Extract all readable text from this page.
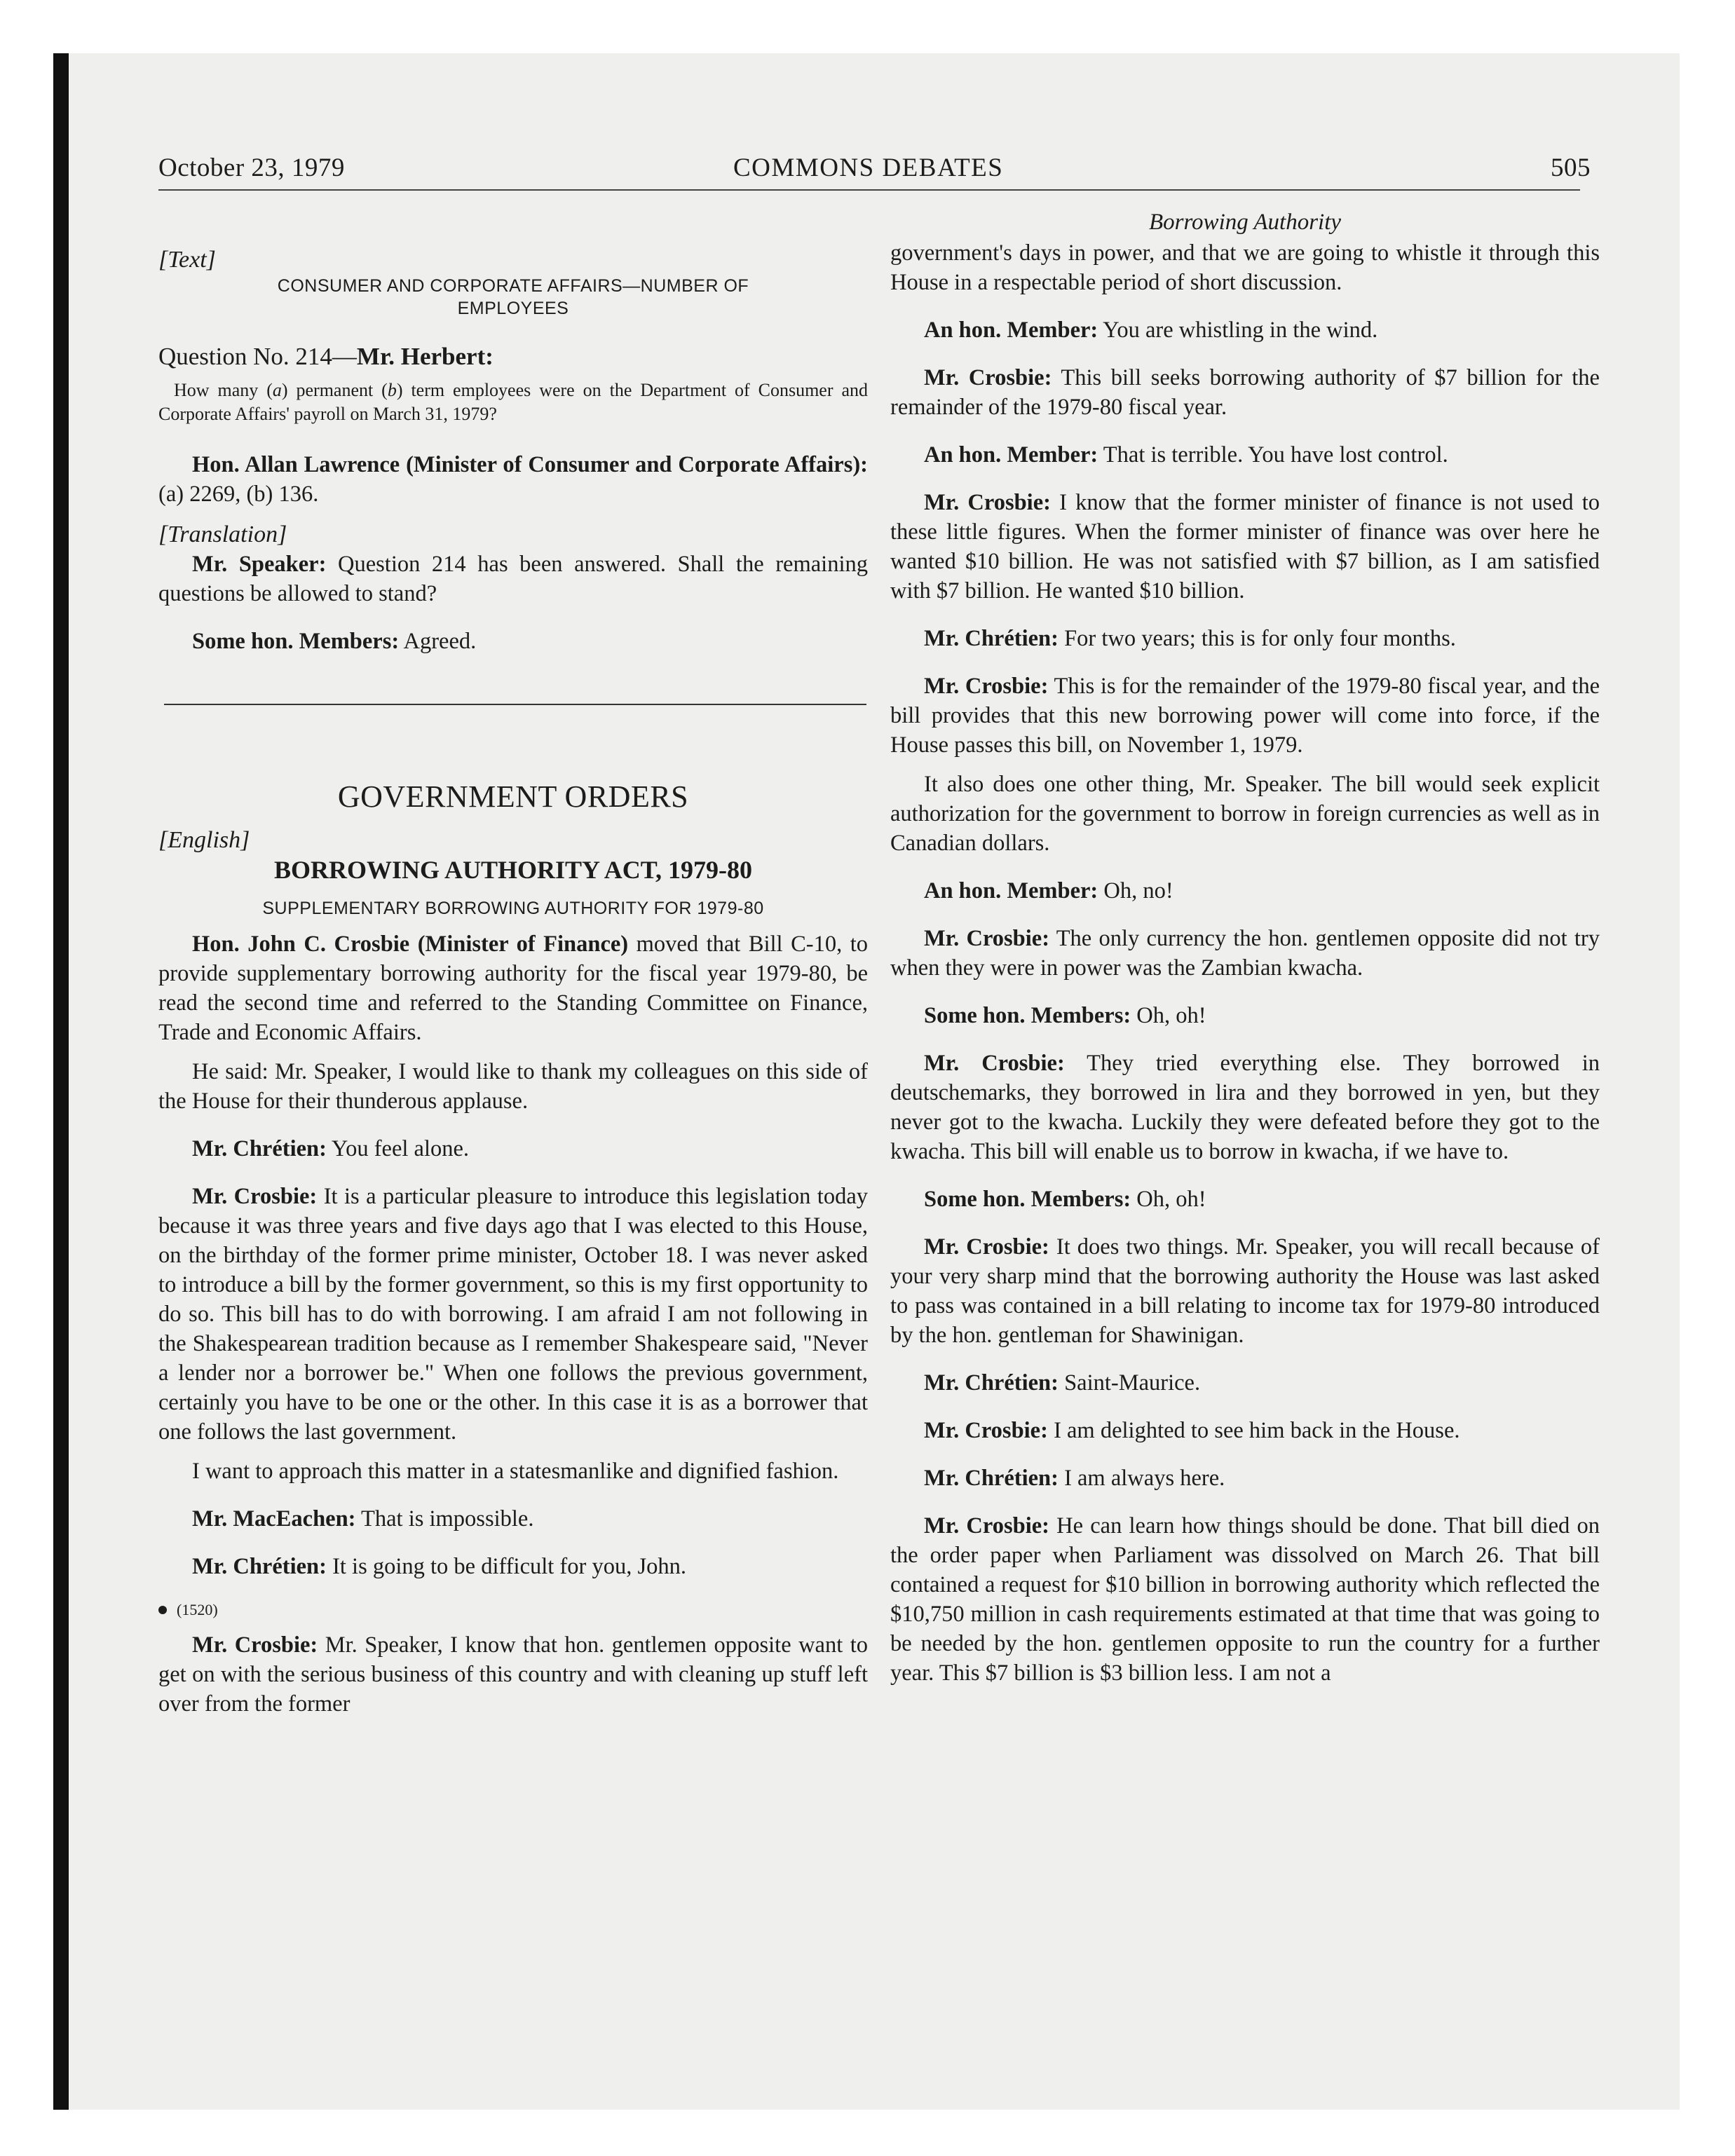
October 23, 1979	COMMONS DEBATES	505

[Text]

CONSUMER AND CORPORATE AFFAIRS—NUMBER OF

EMPLOYEES

Question No. 214—Mr. Herbert:

How many (a) permanent (b) term employees were on the Department of Consumer and Corporate Affairs' payroll on March 31, 1979?

Hon. Allan Lawrence (Minister of Consumer and Corporate Affairs): (a) 2269, (b) 136.

[Translation]

Mr. Speaker: Question 214 has been answered. Shall the remaining questions be allowed to stand?

Some hon. Members: Agreed.

GOVERNMENT ORDERS

[English]

BORROWING AUTHORITY ACT, 1979-80

SUPPLEMENTARY BORROWING AUTHORITY FOR 1979-80

Hon. John C. Crosbie (Minister of Finance) moved that Bill C-10, to provide supplementary borrowing authority for the fiscal year 1979-80, be read the second time and referred to the Standing Committee on Finance, Trade and Economic Affairs.

He said: Mr. Speaker, I would like to thank my colleagues on this side of the House for their thunderous applause.

Mr. Chrétien: You feel alone.

Mr. Crosbie: It is a particular pleasure to introduce this legislation today because it was three years and five days ago that I was elected to this House, on the birthday of the former prime minister, October 18. I was never asked to introduce a bill by the former government, so this is my first opportunity to do so. This bill has to do with borrowing. I am afraid I am not following in the Shakespearean tradition because as I remember Shakespeare said, "Never a lender nor a borrower be." When one follows the previous government, certainly you have to be one or the other. In this case it is as a borrower that one follows the last government.

I want to approach this matter in a statesmanlike and dignified fashion.

Mr. MacEachen: That is impossible.

Mr. Chrétien: It is going to be difficult for you, John.

(1520)

Mr. Crosbie: Mr. Speaker, I know that hon. gentlemen opposite want to get on with the serious business of this country and with cleaning up stuff left over from the former

Borrowing Authority

government's days in power, and that we are going to whistle it through this House in a respectable period of short discussion.

An hon. Member: You are whistling in the wind.

Mr. Crosbie: This bill seeks borrowing authority of $7 billion for the remainder of the 1979-80 fiscal year.

An hon. Member: That is terrible. You have lost control.

Mr. Crosbie: I know that the former minister of finance is not used to these little figures. When the former minister of finance was over here he wanted $10 billion. He was not satisfied with $7 billion, as I am satisfied with $7 billion. He wanted $10 billion.

Mr. Chrétien: For two years; this is for only four months.

Mr. Crosbie: This is for the remainder of the 1979-80 fiscal year, and the bill provides that this new borrowing power will come into force, if the House passes this bill, on November 1, 1979.

It also does one other thing, Mr. Speaker. The bill would seek explicit authorization for the government to borrow in foreign currencies as well as in Canadian dollars.

An hon. Member: Oh, no!

Mr. Crosbie: The only currency the hon. gentlemen opposite did not try when they were in power was the Zambian kwacha.

Some hon. Members: Oh, oh!

Mr. Crosbie: They tried everything else. They borrowed in deutschemarks, they borrowed in lira and they borrowed in yen, but they never got to the kwacha. Luckily they were defeated before they got to the kwacha. This bill will enable us to borrow in kwacha, if we have to.

Some hon. Members: Oh, oh!

Mr. Crosbie: It does two things. Mr. Speaker, you will recall because of your very sharp mind that the borrowing authority the House was last asked to pass was contained in a bill relating to income tax for 1979-80 introduced by the hon. gentleman for Shawinigan.

Mr. Chrétien: Saint-Maurice.

Mr. Crosbie: I am delighted to see him back in the House.

Mr. Chrétien: I am always here.

Mr. Crosbie: He can learn how things should be done. That bill died on the order paper when Parliament was dissolved on March 26. That bill contained a request for $10 billion in borrowing authority which reflected the $10,750 million in cash requirements estimated at that time that was going to be needed by the hon. gentlemen opposite to run the country for a further year. This $7 billion is $3 billion less. I am not a
